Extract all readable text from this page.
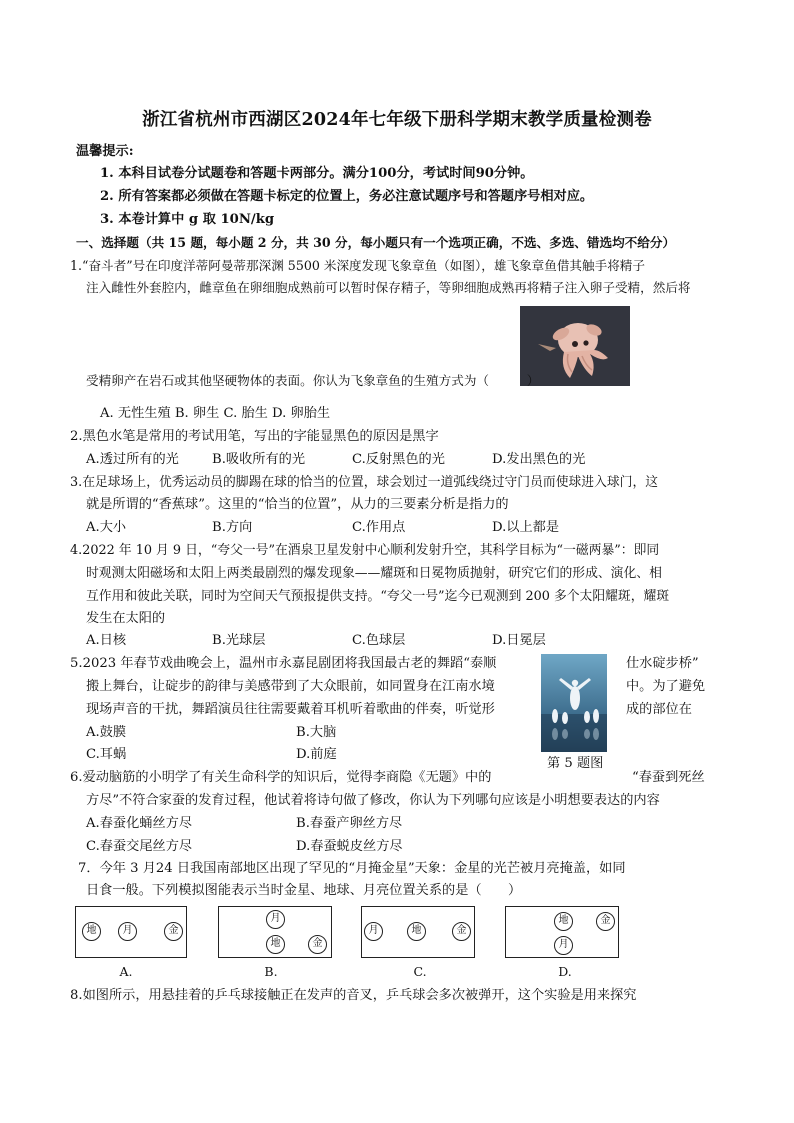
浙江省杭州市西湖区2024年七年级下册科学期末教学质量检测卷
温馨提示:
1. 本科目试卷分试题卷和答题卡两部分。满分100分，考试时间90分钟。
2. 所有答案都必须做在答题卡标定的位置上，务必注意试题序号和答题序号相对应。
3. 本卷计算中 g 取 10N/kg
一、选择题（共 15 题，每小题 2 分，共 30 分，每小题只有一个选项正确，不选、多选、错选均不给分）
1.“奋斗者”号在印度洋蒂阿曼蒂那深渊 5500 米深度发现飞象章鱼（如图），雄飞象章鱼借其触手将精子
注入雌性外套腔内，雌章鱼在卵细胞成熟前可以暂时保存精子，等卵细胞成熟再将精子注入卵子受精，然后将
受精卵产在岩石或其他坚硬物体的表面。你认为飞象章鱼的生殖方式为（　　　）
A. 无性生殖 B. 卵生 C. 胎生 D. 卵胎生
2.黑色水笔是常用的考试用笔，写出的字能显黑色的原因是黑字
A.透过所有的光	B.吸收所有的光	C.反射黑色的光	D.发出黑色的光
3.在足球场上，优秀运动员的脚踢在球的恰当的位置，球会划过一道弧线绕过守门员而使球进入球门，这
就是所谓的“香蕉球”。这里的“恰当的位置”，从力的三要素分析是指力的
A.大小	B.方向	C.作用点	D.以上都是
4.2022 年 10 月 9 日，“夸父一号”在酒泉卫星发射中心顺利发射升空，其科学目标为“一磁两暴”：即同
时观测太阳磁场和太阳上两类最剧烈的爆发现象——耀斑和日冕物质抛射，研究它们的形成、演化、相
互作用和彼此关联，同时为空间天气预报提供支持。“夸父一号”迄今已观测到 200 多个太阳耀斑，耀斑
发生在太阳的
A.日核	B.光球层	C.色球层	D.日冕层
5.2023 年春节戏曲晚会上，温州市永嘉昆剧团将我国最古老的舞蹈“泰顺	仕水碇步桥”
搬上舞台，让碇步的韵律与美感带到了大众眼前，如同置身在江南水境	中。为了避免
现场声音的干扰，舞蹈演员往往需要戴着耳机听着歌曲的伴奏，听觉形	成的部位在
A.鼓膜	B.大脑
C.耳蜗	D.前庭
第 5 题图
6.爱动脑筋的小明学了有关生命科学的知识后，觉得李商隐《无题》中的	“春蚕到死丝
方尽”不符合家蚕的发育过程，他试着将诗句做了修改，你认为下列哪句应该是小明想要表达的内容
A.春蚕化蛹丝方尽	B.春蚕产卵丝方尽
C.春蚕交尾丝方尽	D.春蚕蜕皮丝方尽
7．今年 3 月24 日我国南部地区出现了罕见的“月掩金星”天象：金星的光芒被月亮掩盖，如同
日食一般。下列模拟图能表示当时金星、地球、月亮位置关系的是（　　）
地	月	金
A.
月
地	金
B.
月	地	金
C.
地	金
月
D.
8.如图所示，用悬挂着的乒乓球接触正在发声的音叉，乒乓球会多次被弹开，这个实验是用来探究
